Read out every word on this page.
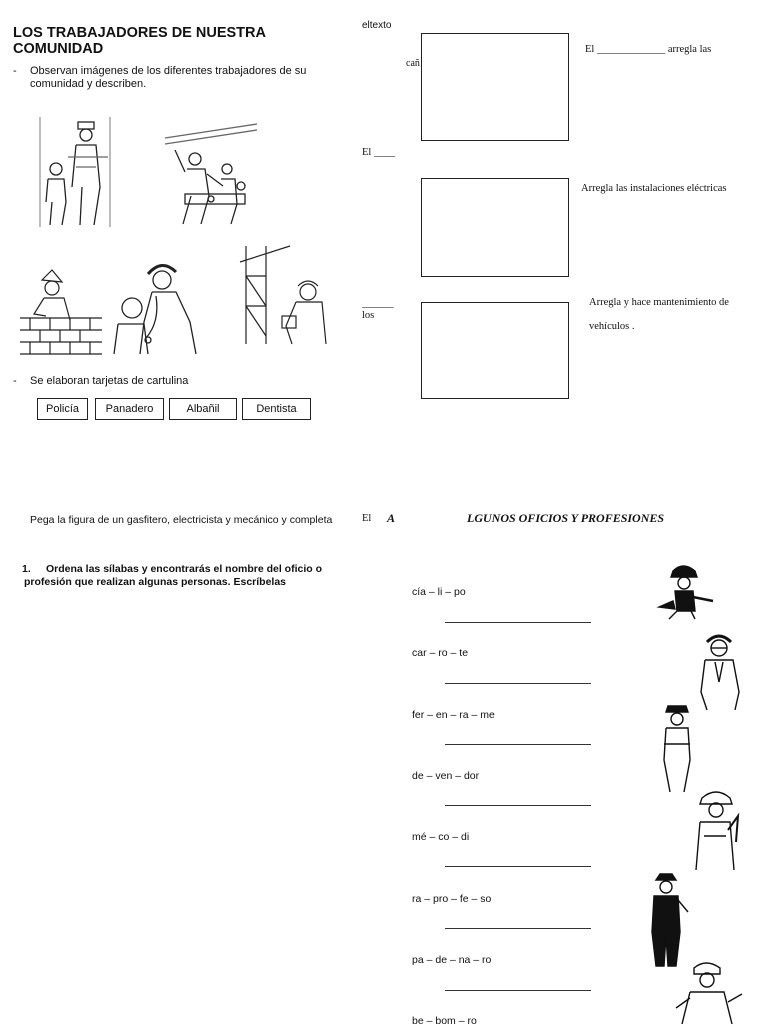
LOS TRABAJADORES DE NUESTRA COMUNIDAD
- Observan imágenes de los diferentes trabajadores de su comunidad y describen.
- Se elaboran tarjetas de cartulina
Policía	Panadero	Albañil	Dentista
Pega la figura de un gasfitero, electricista y mecánico y completa
1.	Ordena las sílabas y encontrarás el nombre del oficio o profesión que realizan algunas personas. Escríbelas
eltexto
cañ
El _____________ arregla las
El ____
Arregla las instalaciones eléctricas
______
los
Arregla y hace mantenimiento de
vehículos .
El A	LGUNOS OFICIOS Y PROFESIONES
cía – li – po
car – ro – te
fer – en – ra – me
de – ven – dor
mé – co – di
ra – pro – fe – so
pa – de – na – ro
be – bom – ro
